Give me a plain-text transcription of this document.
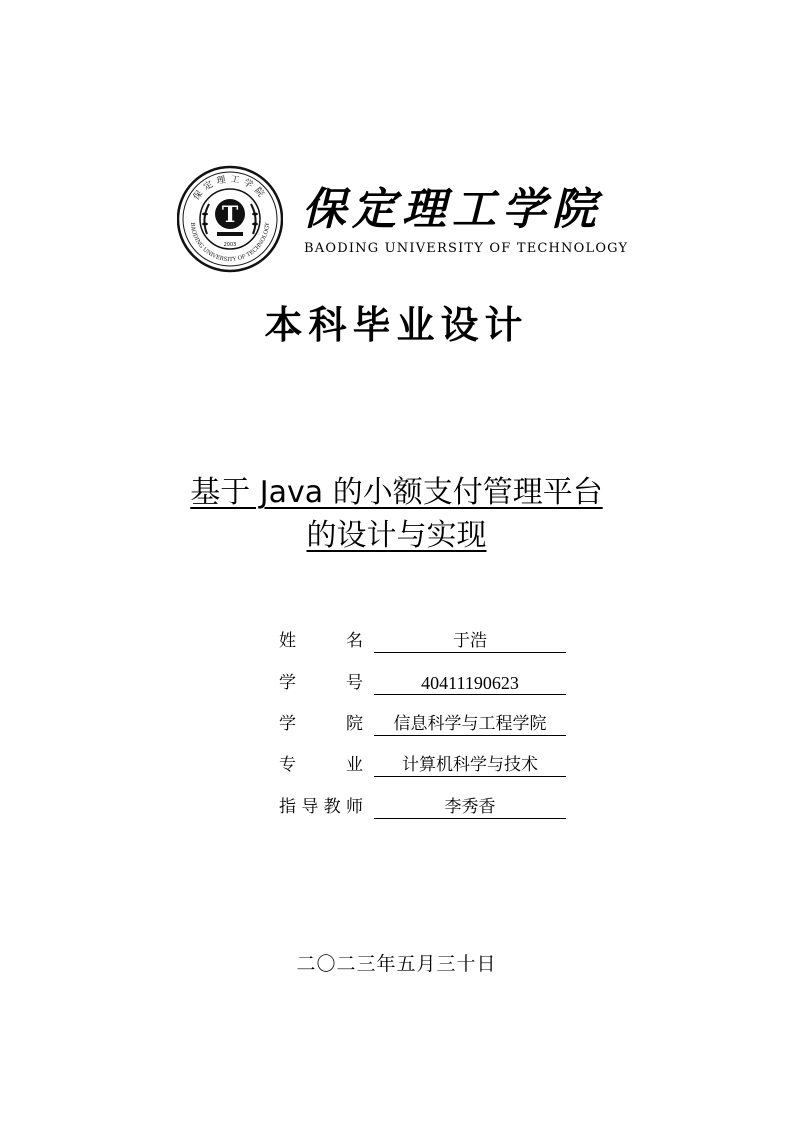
保定理工学院
BAODING UNIVERSITY OF TECHNOLOGY
T
2003
保定理工学院
BAODING UNIVERSITY OF TECHNOLOGY
本科毕业设计
基于 Java 的小额支付管理平台
的设计与实现
姓	名	于浩
学	号	40411190623
学	院	信息科学与工程学院
专	业	计算机科学与技术
指 导 教 师	李秀香
二〇二三年五月三十日
